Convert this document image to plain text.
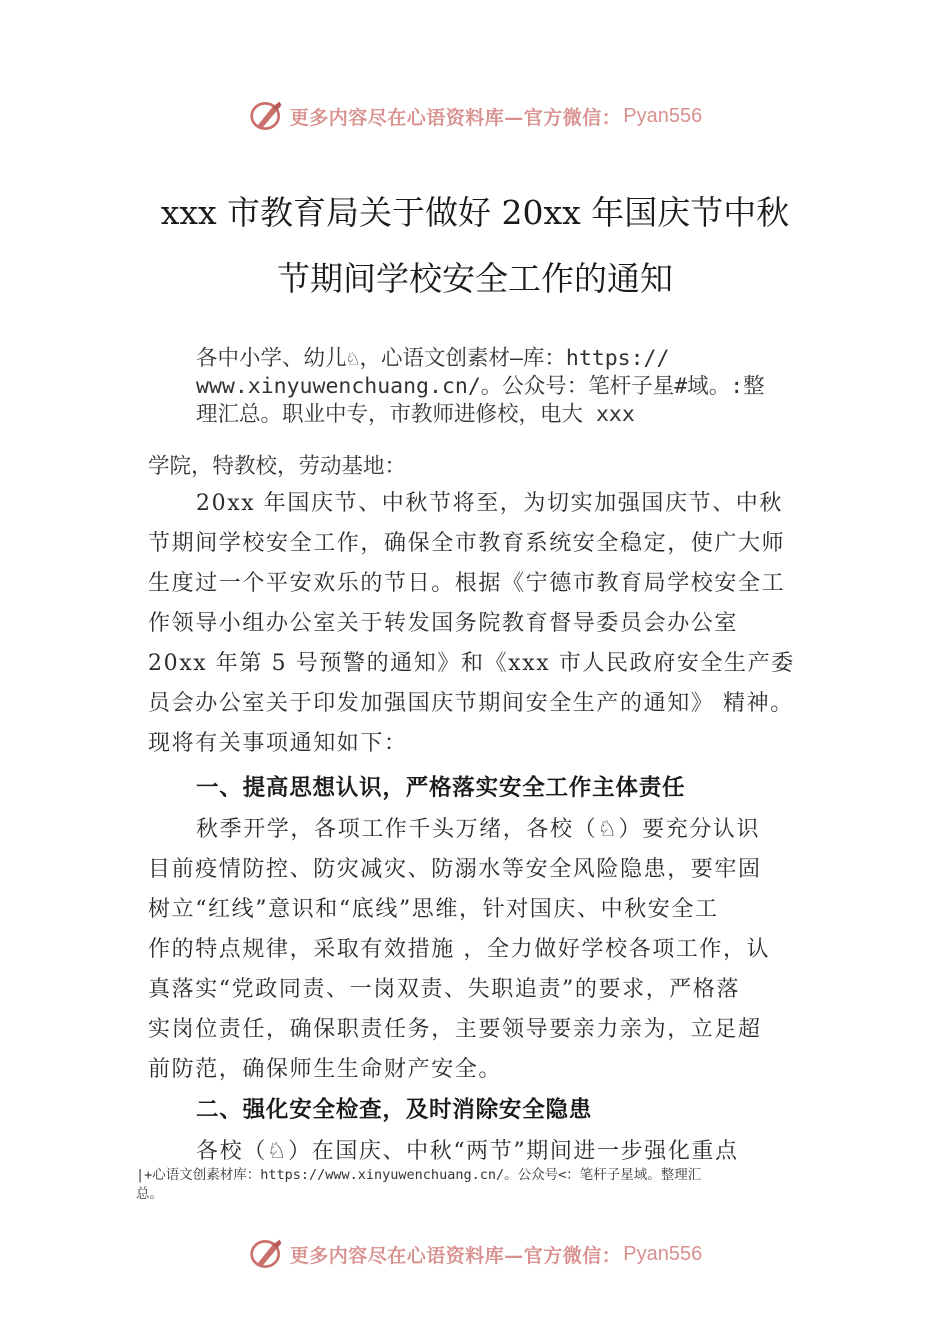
更多内容尽在心语资料库—官方微信： Pyan556
xxx 市教育局关于做好 20xx 年国庆节中秋
节期间学校安全工作的通知
各中小学、幼儿♘，心语文创素材—库：https://
www.xinyuwenchuang.cn/。公众号：笔杆子星#域。:整
理汇总。职业中专，市教师进修校，电大 xxx
学院，特教校，劳动基地：
20xx 年国庆节、中秋节将至，为切实加强国庆节、中秋
节期间学校安全工作，确保全市教育系统安全稳定，使广大师
生度过一个平安欢乐的节日。根据《宁德市教育局学校安全工
作领导小组办公室关于转发国务院教育督导委员会办公室
20xx 年第 5 号预警的通知》和《xxx 市人民政府安全生产委
员会办公室关于印发加强国庆节期间安全生产的通知》 精神。
现将有关事项通知如下：
一、提高思想认识，严格落实安全工作主体责任
秋季开学，各项工作千头万绪，各校（♘）要充分认识
目前疫情防控、防灾减灾、防溺水等安全风险隐患，要牢固
树立“红线”意识和“底线”思维，针对国庆、中秋安全工
作的特点规律，采取有效措施 ，全力做好学校各项工作，认
真落实“党政同责、一岗双责、失职追责”的要求，严格落
实岗位责任，确保职责任务，主要领导要亲力亲为，立足超
前防范，确保师生生命财产安全。
二、强化安全检查，及时消除安全隐患
各校（♘）在国庆、中秋“两节”期间进一步强化重点
|+心语文创素材库：https://www.xinyuwenchuang.cn/。公众号<：笔杆子星域。整理汇
总。
更多内容尽在心语资料库—官方微信： Pyan556
